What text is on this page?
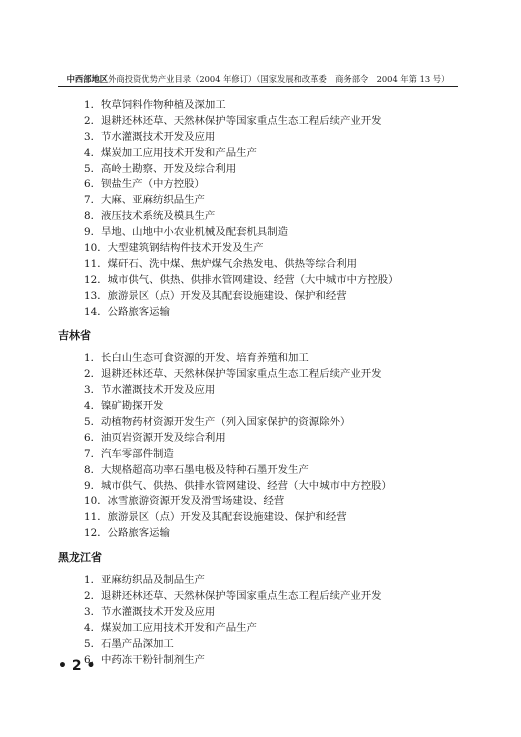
中西部地区外商投资优势产业目录（2004 年修订）（国家发展和改革委　商务部令　2004 年第 13 号）
1．牧草饲料作物种植及深加工
2．退耕还林还草、天然林保护等国家重点生态工程后续产业开发
3．节水灌溉技术开发及应用
4．煤炭加工应用技术开发和产品生产
5．高岭土勘察、开发及综合利用
6．钡盐生产（中方控股）
7．大麻、亚麻纺织品生产
8．液压技术系统及模具生产
9．旱地、山地中小农业机械及配套机具制造
10．大型建筑钢结构件技术开发及生产
11．煤矸石、洗中煤、焦炉煤气余热发电、供热等综合利用
12．城市供气、供热、供排水管网建设、经营（大中城市中方控股）
13．旅游景区（点）开发及其配套设施建设、保护和经营
14．公路旅客运输
吉林省
1．长白山生态可食资源的开发、培育养殖和加工
2．退耕还林还草、天然林保护等国家重点生态工程后续产业开发
3．节水灌溉技术开发及应用
4．镍矿勘探开发
5．动植物药材资源开发生产（列入国家保护的资源除外）
6．油页岩资源开发及综合利用
7．汽车零部件制造
8．大规格超高功率石墨电极及特种石墨开发生产
9．城市供气、供热、供排水管网建设、经营（大中城市中方控股）
10．冰雪旅游资源开发及滑雪场建设、经营
11．旅游景区（点）开发及其配套设施建设、保护和经营
12．公路旅客运输
黑龙江省
1．亚麻纺织品及制品生产
2．退耕还林还草、天然林保护等国家重点生态工程后续产业开发
3．节水灌溉技术开发及应用
4．煤炭加工应用技术开发和产品生产
5．石墨产品深加工
6．中药冻干粉针制剂生产
• 2 •
